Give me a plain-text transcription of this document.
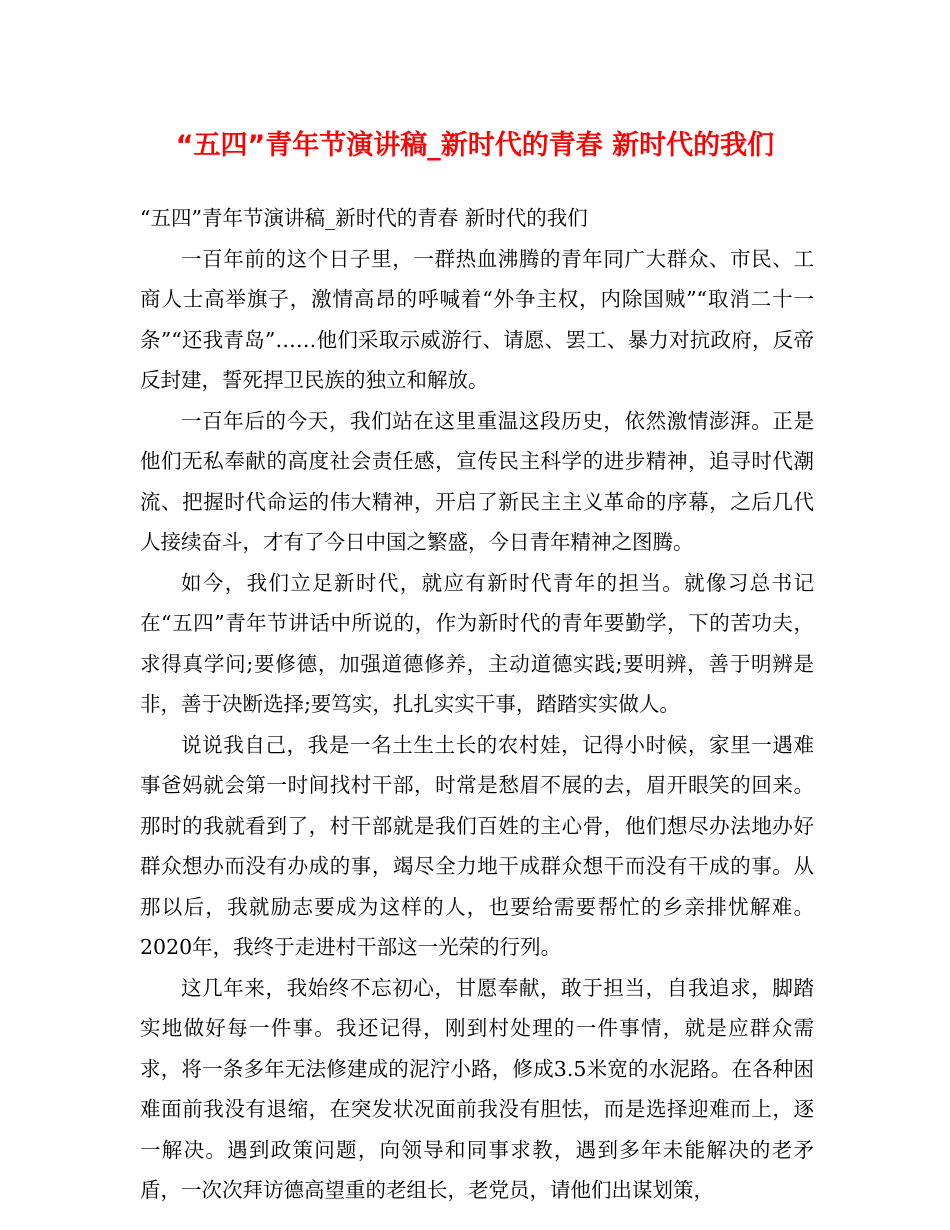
“五四”青年节演讲稿_新时代的青春 新时代的我们

“五四”青年节演讲稿_新时代的青春 新时代的我们

一百年前的这个日子里，一群热血沸腾的青年同广大群众、市民、工商人士高举旗子，激情高昂的呼喊着“外争主权，内除国贼”“取消二十一条”“还我青岛”……他们采取示威游行、请愿、罢工、暴力对抗政府，反帝反封建，誓死捍卫民族的独立和解放。

一百年后的今天，我们站在这里重温这段历史，依然激情澎湃。正是他们无私奉献的高度社会责任感，宣传民主科学的进步精神，追寻时代潮流、把握时代命运的伟大精神，开启了新民主主义革命的序幕，之后几代人接续奋斗，才有了今日中国之繁盛，今日青年精神之图腾。

如今，我们立足新时代，就应有新时代青年的担当。就像习总书记在“五四”青年节讲话中所说的，作为新时代的青年要勤学，下的苦功夫，求得真学问;要修德，加强道德修养，主动道德实践;要明辨，善于明辨是非，善于决断选择;要笃实，扎扎实实干事，踏踏实实做人。

说说我自己，我是一名土生土长的农村娃，记得小时候，家里一遇难事爸妈就会第一时间找村干部，时常是愁眉不展的去，眉开眼笑的回来。那时的我就看到了，村干部就是我们百姓的主心骨，他们想尽办法地办好群众想办而没有办成的事，竭尽全力地干成群众想干而没有干成的事。从那以后，我就励志要成为这样的人，也要给需要帮忙的乡亲排忧解难。2020年，我终于走进村干部这一光荣的行列。

这几年来，我始终不忘初心，甘愿奉献，敢于担当，自我追求，脚踏实地做好每一件事。我还记得，刚到村处理的一件事情，就是应群众需求，将一条多年无法修建成的泥泞小路，修成3.5米宽的水泥路。在各种困难面前我没有退缩，在突发状况面前我没有胆怯，而是选择迎难而上，逐一解决。遇到政策问题，向领导和同事求教，遇到多年未能解决的老矛盾，一次次拜访德高望重的老组长，老党员，请他们出谋划策，
